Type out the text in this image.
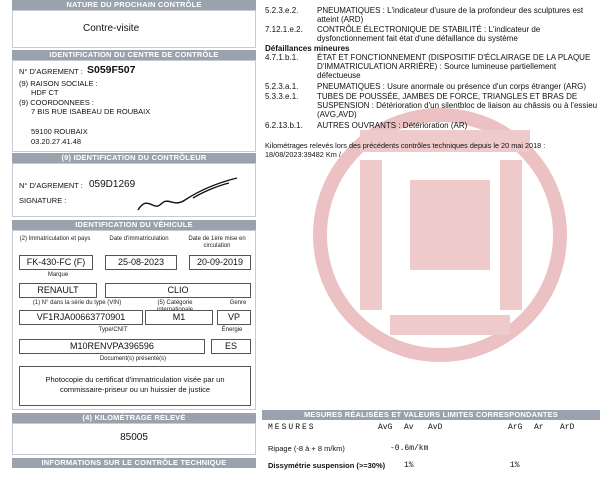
NATURE DU PROCHAIN CONTRÔLE
Contre-visite
IDENTIFICATION DU CENTRE DE CONTRÔLE
N° D'AGREMENT : S059F507
(9) RAISON SOCIALE :
HDF CT
(9) COORDONNEES :
7 BIS RUE ISABEAU DE ROUBAIX
59100 ROUBAIX
03.20.27.41.48
(9) IDENTIFICATION DU CONTRÔLEUR
N° D'AGREMENT : 059D1269
SIGNATURE :
IDENTIFICATION DU VÉHICULE
(2) Immatriculation et pays	Date d'immatriculation	Date de 1ère mise en circulation
FK-430-FC (F)	25-08-2023	20-09-2019
Marque
RENAULT	CLIO
(1) N° dans la série du type (VIN)	(5) Catégorie	Genre
VF1RJA00663770901	M1	VP
Type/CNIT	Énergie
M10RENVPA396596	ES
Document(s) présenté(s)
Photocopie du certificat d'immatriculation visée par un
commissaire-priseur ou un huissier de justice
(4) KILOMÉTRAGE RELEVÉ
85005
INFORMATIONS SUR LE CONTRÔLE TECHNIQUE DÉFAVORABLE
5.2.3.e.2.	PNEUMATIQUES : L'indicateur d'usure de la profondeur des sculptures est atteint (ARD)
7.12.1.e.2.	CONTRÔLE ÉLECTRONIQUE DE STABILITÉ : L'indicateur de dysfonctionnement fait état d'une défaillance du système
Défaillances mineures
4.7.1.b.1.	ÉTAT ET FONCTIONNEMENT (DISPOSITIF D'ÉCLAIRAGE DE LA PLAQUE D'IMMATRICULATION ARRIÈRE) : Source lumineuse partiellement défectueuse
5.2.3.a.1.	PNEUMATIQUES : Usure anormale ou présence d'un corps étranger (ARG)
5.3.3.e.1.	TUBES DE POUSSÉE, JAMBES DE FORCE, TRIANGLES ET BRAS DE SUSPENSION : Détérioration d'un silentbloc de liaison au châssis ou à l'essieu (AVG,AVD)
6.2.13.b.1.	AUTRES OUVRANTS : Détérioration (AR)
Kilométrages relevés lors des précédents contrôles techniques depuis le 20 mai 2018 :
18/08/2023:39482 Km /
MESURES RÉALISÉES ET VALEURS LIMITES CORRESPONDANTES
MESURES	AvG Av AvD	ArG Ar ArD
Ripage (-8 à + 8 m/km)	-0.6m/km
Dissymétrie suspension (>=30%) 1%	1%
